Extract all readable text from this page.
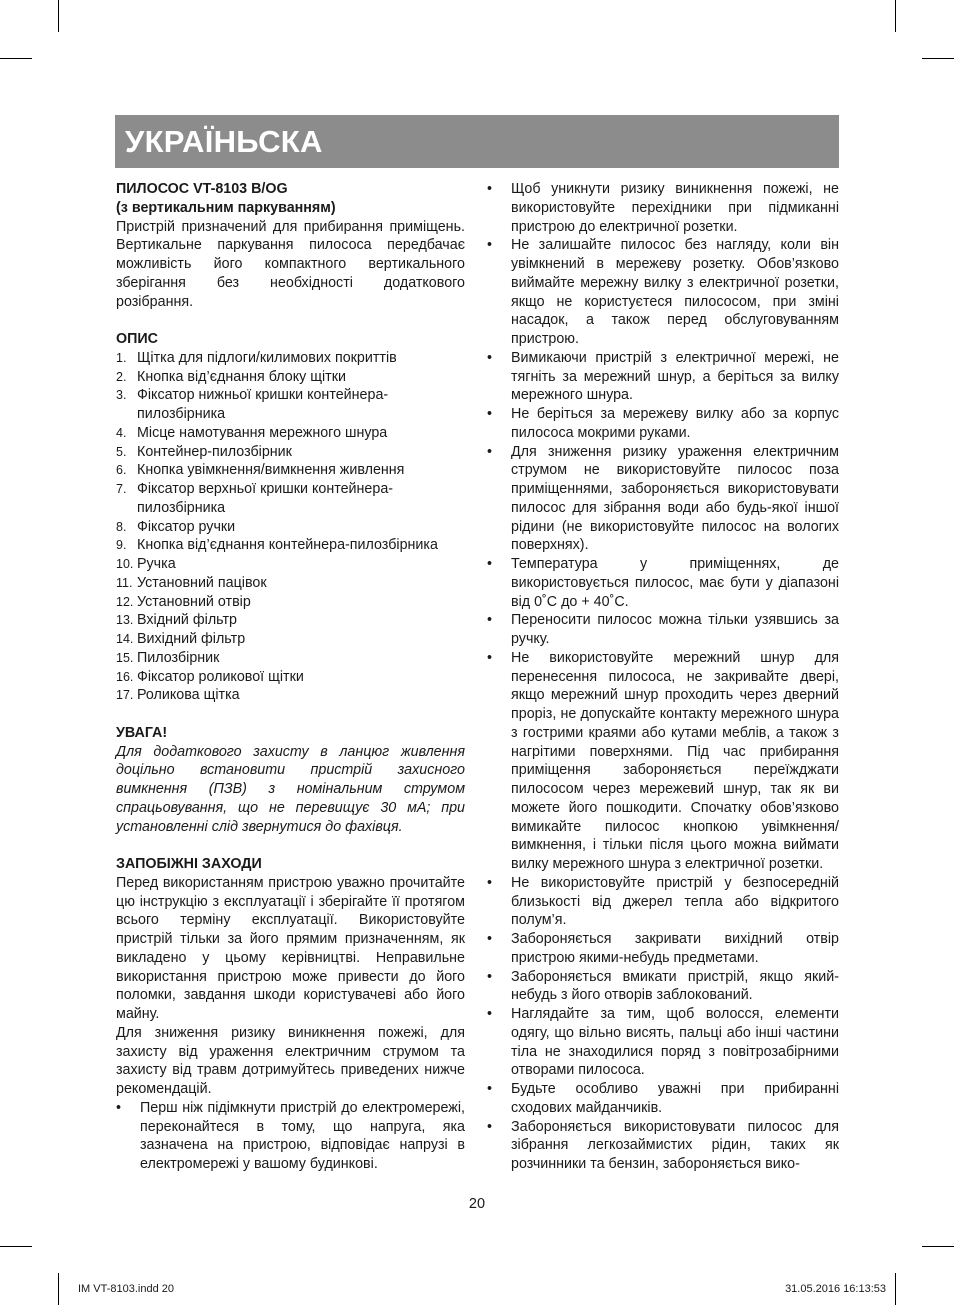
УКРАЇНЬСКА

ПИЛОСОС VT-8103 B/OG

(з вертикальним паркуванням)

Пристрій призначений для прибирання приміщень. Вертикальне паркування пилососа передбачає можливість його компактного вертикального зберігання без необхідності додаткового розібрання.

ОПИС

1. Щітка для підлоги/килимових покриттів
2. Кнопка від’єднання блоку щітки
3. Фіксатор нижньої кришки контейнера-пилозбірника
4. Місце намотування мережного шнура
5. Контейнер-пилозбірник
6. Кнопка увімкнення/вимкнення живлення
7. Фіксатор верхньої кришки контейнера-пилозбірника
8. Фіксатор ручки
9. Кнопка від’єднання контейнера-пилозбірника
10. Ручка
11. Установний пацівок
12. Установний отвір
13. Вхідний фільтр
14. Вихідний фільтр
15. Пилозбірник
16. Фіксатор роликової щітки
17. Роликова щітка

УВАГА!

Для додаткового захисту в ланцюг живлення доцільно встановити пристрій захисного вимкнення (ПЗВ) з номінальним струмом спрацьовування, що не перевищує 30 мА; при установленні слід звернутися до фахівця.

ЗАПОБІЖНІ ЗАХОДИ

Перед використанням пристрою уважно прочитайте цю інструкцію з експлуатації і зберігайте її протягом всього терміну експлуатації. Використовуйте пристрій тільки за його прямим призначенням, як викладено у цьому керівництві. Неправильне використання пристрою може привести до його поломки, завдання шкоди користувачеві або його майну.

Для зниження ризику виникнення пожежі, для захисту від ураження електричним струмом та захисту від травм дотримуйтесь приведених нижче рекомендацій.

• Перш ніж підімкнути пристрій до електромережі, переконайтеся в тому, що напруга, яка зазначена на пристрою, відповідає напрузі в електромережі у вашому будинкові.
• Щоб уникнути ризику виникнення пожежі, не використовуйте перехідники при підмиканні пристрою до електричної розетки.
• Не залишайте пилосос без нагляду, коли він увімкнений в мережеву розетку. Обов’язково виймайте мережну вилку з електричної розетки, якщо не користуєтеся пилососом, при зміні насадок, а також перед обслуговуванням пристрою.
• Вимикаючи пристрій з електричної мережі, не тягніть за мережний шнур, а беріться за вилку мережного шнура.
• Не беріться за мережеву вилку або за корпус пилососа мокрими руками.
• Для зниження ризику ураження електричним струмом не використовуйте пилосос поза приміщеннями, забороняється використовувати пилосос для зібрання води або будь-якої іншої рідини (не використовуйте пилосос на вологих поверхнях).
• Температура у приміщеннях, де використовується пилосос, має бути у діапазоні від 0˚С до + 40˚С.
• Переносити пилосос можна тільки узявшись за ручку.
• Не використовуйте мережний шнур для перенесення пилососа, не закривайте двері, якщо мережний шнур проходить через дверний проріз, не допускайте контакту мережного шнура з гострими краями або кутами меблів, а також з нагрітими поверхнями. Під час прибирання приміщення забороняється переїжджати пилососом через мережевий шнур, так як ви можете його пошкодити. Спочатку обов’язково вимикайте пилосос кнопкою увімкнення/вимкнення, і тільки після цього можна виймати вилку мережного шнура з електричної розетки.
• Не використовуйте пристрій у безпосередній близькості від джерел тепла або відкритого полум’я.
• Забороняється закривати вихідний отвір пристрою якими-небудь предметами.
• Забороняється вмикати пристрій, якщо який-небудь з його отворів заблокований.
• Наглядайте за тим, щоб волосся, елементи одягу, що вільно висять, пальці або інші частини тіла не знаходилися поряд з повітрозабірними отворами пилососа.
• Будьте особливо уважні при прибиранні сходових майданчиків.
• Забороняється використовувати пилосос для зібрання легкозаймистих рідин, таких як розчинники та бензин, забороняється вико-
20
IM VT-8103.indd 20	31.05.2016 16:13:53
